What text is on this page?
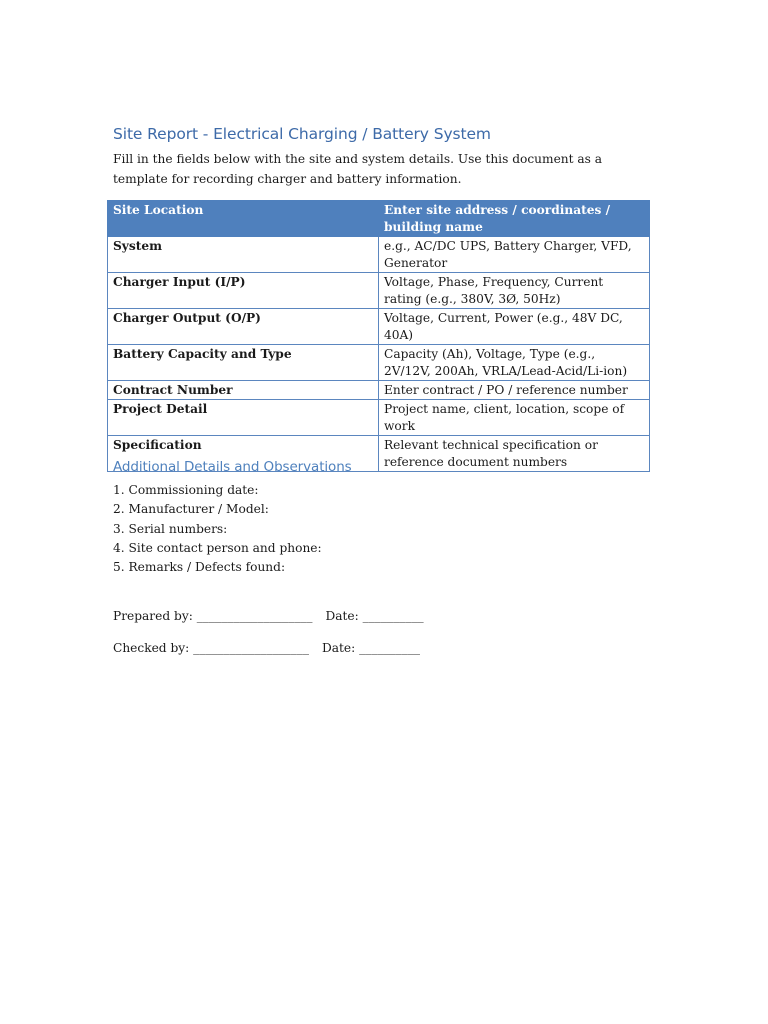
Site Report - Electrical Charging / Battery System

Fill in the fields below with the site and system details. Use this document as a template for recording charger and battery information.

Site Location	Enter site address / coordinates / building name
System	e.g., AC/DC UPS, Battery Charger, VFD, Generator
Charger Input (I/P)	Voltage, Phase, Frequency, Current rating (e.g., 380V, 3Ø, 50Hz)
Charger Output (O/P)	Voltage, Current, Power (e.g., 48V DC, 40A)
Battery Capacity and Type	Capacity (Ah), Voltage, Type (e.g., 2V/12V, 200Ah, VRLA/Lead-Acid/Li-ion)
Contract Number	Enter contract / PO / reference number
Project Detail	Project name, client, location, scope of work
Specification	Relevant technical specification or reference document numbers
Additional Details and Observations
1. Commissioning date:
2. Manufacturer / Model:
3. Serial numbers:
4. Site contact person and phone:
5. Remarks / Defects found:

Prepared by: ___________________ Date: __________

Checked by: ___________________ Date: __________
